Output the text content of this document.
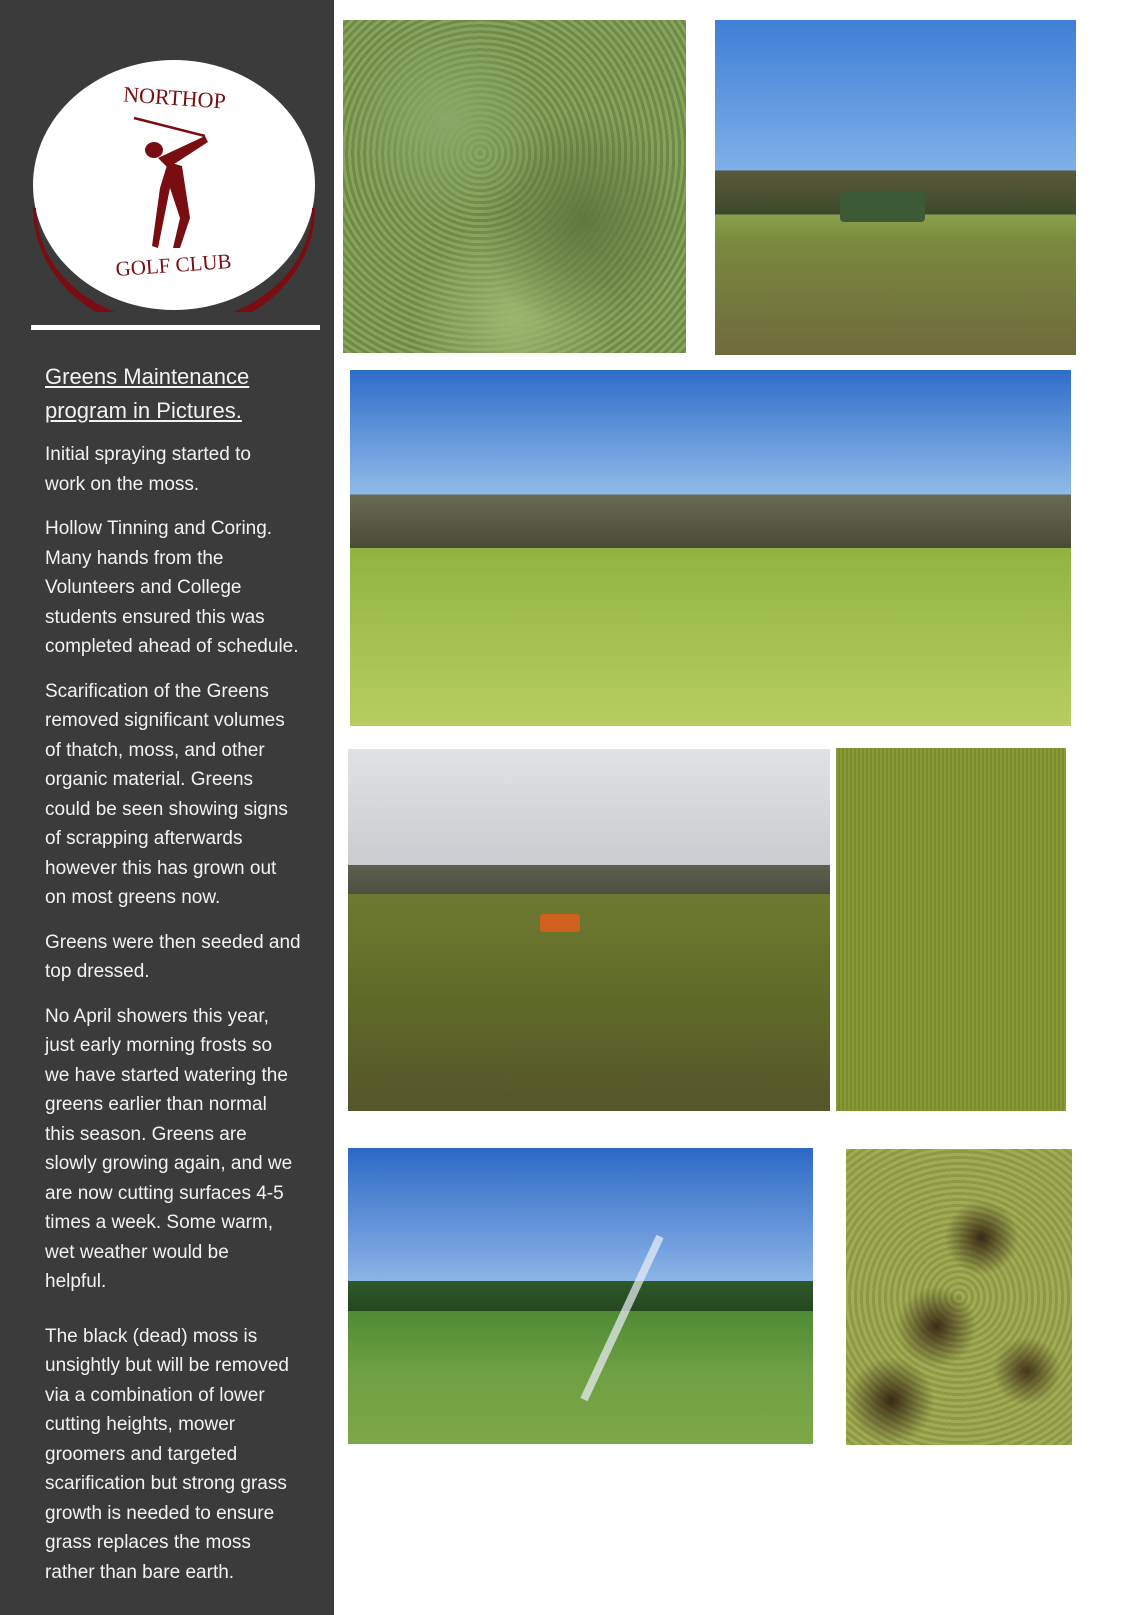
NORTHOP
GOLF CLUB
Greens Maintenance
program in Pictures.

Initial spraying started to
work on the moss.

Hollow Tinning and Coring.
Many hands from the
Volunteers and College
students ensured this was
completed ahead of schedule.

Scarification of the Greens
removed significant volumes
of thatch, moss, and other
organic material. Greens
could be seen showing signs
of scrapping afterwards
however this has grown out
on most greens now.

Greens were then seeded and
top dressed.

No April showers this year,
just early morning frosts so
we have started watering the
greens earlier than normal
this season. Greens are
slowly growing again, and we
are now cutting surfaces 4-5
times a week. Some warm,
wet weather would be
helpful.

The black (dead) moss is
unsightly but will be removed
via a combination of lower
cutting heights, mower
groomers and targeted
scarification but strong grass
growth is needed to ensure
grass replaces the moss
rather than bare earth.
